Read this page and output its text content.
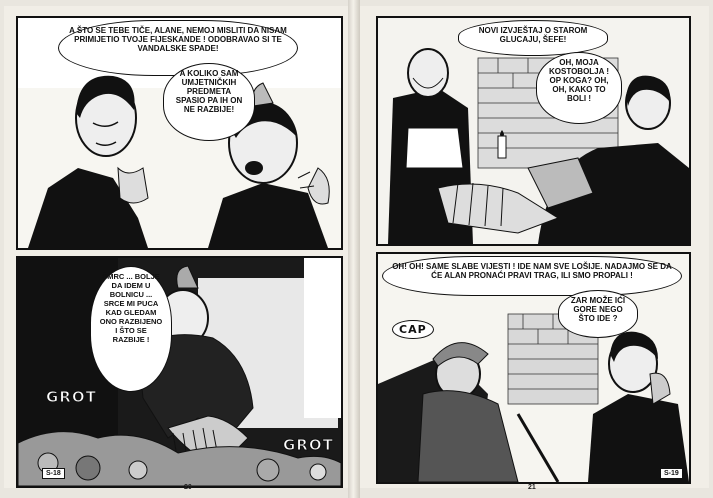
A ŠTO SE TEBE TIČE, ALANE, NEMOJ MISLITI DA NISAM PRIMIJETIO TVOJE FIJESKANDE ! ODOBRAVAO SI TE VANDALSKE SPADE!
A KOLIKO SAM UMJETNIČKIH PREDMETA SPASIO PA IH ON NE RAZBIJE!
ŠMRC ... BOLJE DA IDEM U BOLNICU ... SRCE MI PUCA KAD GLEDAM ONO RAZBIJENO I ŠTO SE RAZBIJE !
GROT
GROT
S-18
20
NOVI IZVJEŠTAJ O STAROM GLUCAJU, ŠEFE!
OH, MOJA KOSTOBOLJA ! OP KOGA? OH, OH, KAKO TO BOLI !
OH! OH! SAME SLABE VIJESTI ! IDE NAM SVE LOŠIJE. NADAJMO SE DA ĆE ALAN PRONAĆI PRAVI TRAG, ILI SMO PROPALI !
ZAR MOŽE IĆI GORE NEGO ŠTO IDE ?
CAP
21
S-19
